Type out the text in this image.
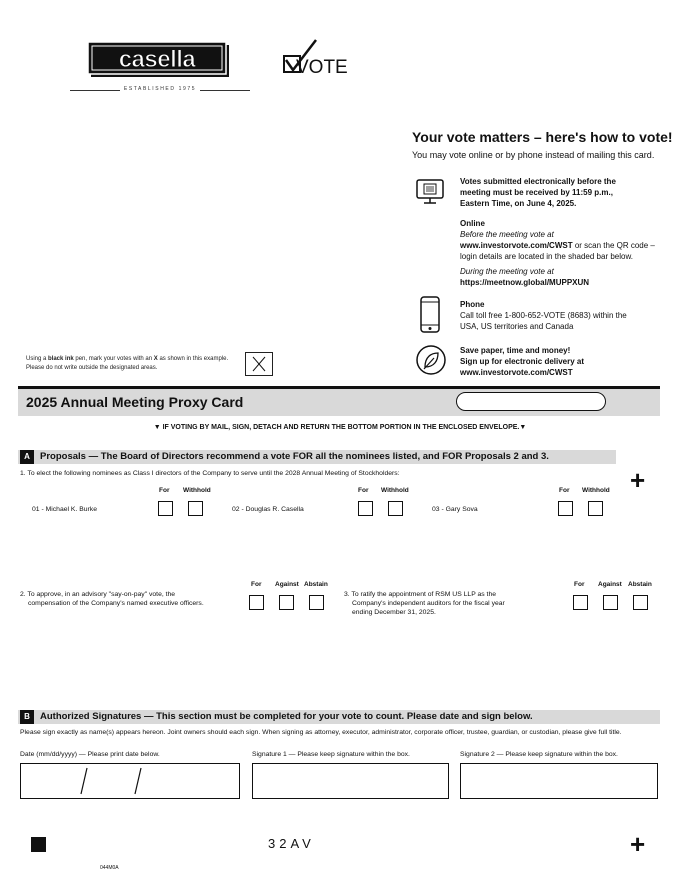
casella
ESTABLISHED 1975
VOTE
Your vote matters – here's how to vote!
You may vote online or by phone instead of mailing this card.
Votes submitted electronically before the
meeting must be received by 11:59 p.m.,
Eastern Time, on June 4, 2025.
Online
Before the meeting vote at
www.investorvote.com/CWST or scan the QR code –
login details are located in the shaded bar below.

During the meeting vote at
https://meetnow.global/MUPPXUN
Phone
Call toll free 1-800-652-VOTE (8683) within the
USA, US territories and Canada
Save paper, time and money!
Sign up for electronic delivery at
www.investorvote.com/CWST
Using a black ink pen, mark your votes with an X as shown in this example.
Please do not write outside the designated areas.
2025 Annual Meeting Proxy Card
▼ IF VOTING BY MAIL, SIGN, DETACH AND RETURN THE BOTTOM PORTION IN THE ENCLOSED ENVELOPE.▼
A	Proposals — The Board of Directors recommend a vote FOR all the nominees listed, and FOR Proposals 2 and 3.
1. To elect the following nominees as Class I directors of the Company to serve until the 2028 Annual Meeting of Stockholders:	+
For Withhold	For Withhold	For Withhold
01 - Michael K. Burke	02 - Douglas R. Casella	03 - Gary Sova
2. To approve, in an advisory "say-on-pay" vote, the
compensation of the Company's named executive officers.
For Against Abstain
3. To ratify the appointment of RSM US LLP as the
Company's independent auditors for the fiscal year
ending December 31, 2025.
For Against Abstain
B	Authorized Signatures — This section must be completed for your vote to count. Please date and sign below.
Please sign exactly as name(s) appears hereon. Joint owners should each sign. When signing as attorney, executor, administrator, corporate officer, trustee, guardian, or custodian, please give full title.
Date (mm/dd/yyyy) — Please print date below.	Signature 1 — Please keep signature within the box.	Signature 2 — Please keep signature within the box.
32AV	+
044M0A
